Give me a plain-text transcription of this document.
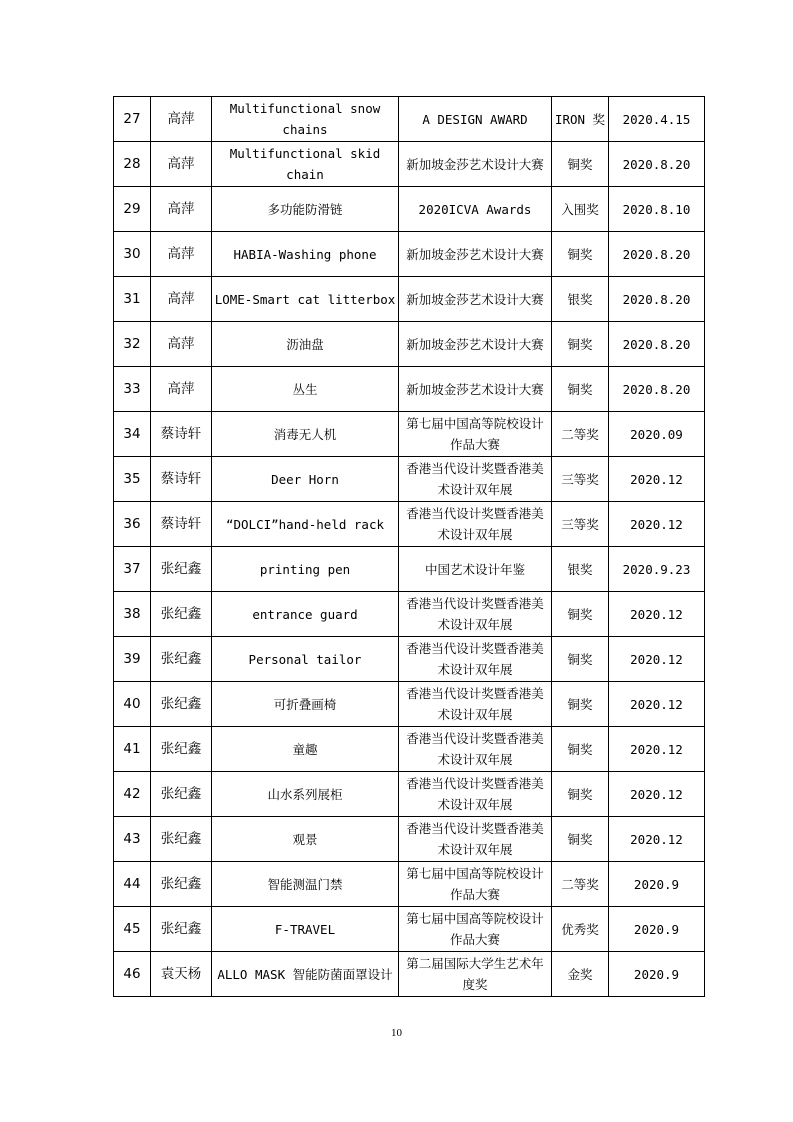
27	高萍	Multifunctional snow chains	A DESIGN AWARD	IRON 奖	2020.4.15
28	高萍	Multifunctional skid chain	新加坡金莎艺术设计大赛	铜奖	2020.8.20
29	高萍	多功能防滑链	2020ICVA Awards	入围奖	2020.8.10
30	高萍	HABIA-Washing phone	新加坡金莎艺术设计大赛	铜奖	2020.8.20
31	高萍	LOME-Smart cat litterbox	新加坡金莎艺术设计大赛	银奖	2020.8.20
32	高萍	沥油盘	新加坡金莎艺术设计大赛	铜奖	2020.8.20
33	高萍	丛生	新加坡金莎艺术设计大赛	铜奖	2020.8.20
34	蔡诗轩	消毒无人机	第七届中国高等院校设计作品大赛	二等奖	2020.09
35	蔡诗轩	Deer Horn	香港当代设计奖暨香港美术设计双年展	三等奖	2020.12
36	蔡诗轩	“DOLCI”hand-held rack	香港当代设计奖暨香港美术设计双年展	三等奖	2020.12
37	张纪鑫	printing pen	中国艺术设计年鉴	银奖	2020.9.23
38	张纪鑫	entrance guard	香港当代设计奖暨香港美术设计双年展	铜奖	2020.12
39	张纪鑫	Personal tailor	香港当代设计奖暨香港美术设计双年展	铜奖	2020.12
40	张纪鑫	可折叠画椅	香港当代设计奖暨香港美术设计双年展	铜奖	2020.12
41	张纪鑫	童趣	香港当代设计奖暨香港美术设计双年展	铜奖	2020.12
42	张纪鑫	山水系列展柜	香港当代设计奖暨香港美术设计双年展	铜奖	2020.12
43	张纪鑫	观景	香港当代设计奖暨香港美术设计双年展	铜奖	2020.12
44	张纪鑫	智能测温门禁	第七届中国高等院校设计作品大赛	二等奖	2020.9
45	张纪鑫	F-TRAVEL	第七届中国高等院校设计作品大赛	优秀奖	2020.9
46	袁天杨	ALLO MASK 智能防菌面罩设计	第二届国际大学生艺术年度奖	金奖	2020.9
10
